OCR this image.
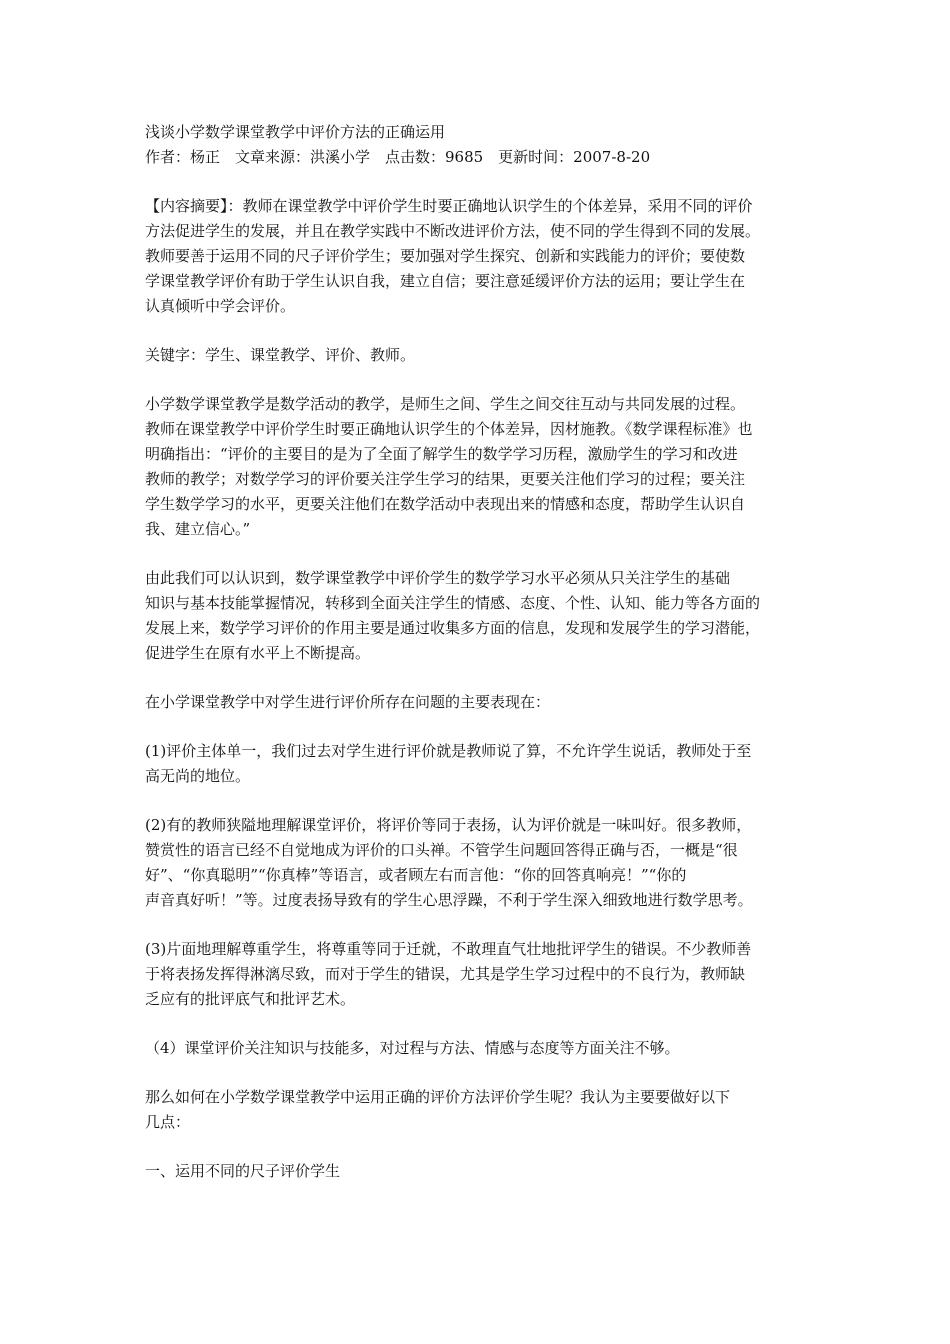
浅谈小学数学课堂教学中评价方法的正确运用

作者：杨正　文章来源：洪溪小学　点击数：9685　更新时间：2007-8-20

【内容摘要】：教师在课堂教学中评价学生时要正确地认识学生的个体差异，采用不同的评价

方法促进学生的发展，并且在教学实践中不断改进评价方法，使不同的学生得到不同的发展。

教师要善于运用不同的尺子评价学生；要加强对学生探究、创新和实践能力的评价；要使数

学课堂教学评价有助于学生认识自我，建立自信；要注意延缓评价方法的运用；要让学生在

认真倾听中学会评价。

关键字：学生、课堂教学、评价、教师。

小学数学课堂教学是数学活动的教学，是师生之间、学生之间交往互动与共同发展的过程。

教师在课堂教学中评价学生时要正确地认识学生的个体差异，因材施教。《数学课程标准》也

明确指出：“评价的主要目的是为了全面了解学生的数学学习历程，激励学生的学习和改进

教师的教学；对数学学习的评价要关注学生学习的结果，更要关注他们学习的过程；要关注

学生数学学习的水平，更要关注他们在数学活动中表现出来的情感和态度，帮助学生认识自

我、建立信心。”

由此我们可以认识到，数学课堂教学中评价学生的数学学习水平必须从只关注学生的基础

知识与基本技能掌握情况，转移到全面关注学生的情感、态度、个性、认知、能力等各方面的

发展上来，数学学习评价的作用主要是通过收集多方面的信息，发现和发展学生的学习潜能，

促进学生在原有水平上不断提高。

在小学课堂教学中对学生进行评价所存在问题的主要表现在：

(1)评价主体单一，我们过去对学生进行评价就是教师说了算，不允许学生说话，教师处于至

高无尚的地位。

(2)有的教师狭隘地理解课堂评价，将评价等同于表扬，认为评价就是一味叫好。很多教师，

赞赏性的语言已经不自觉地成为评价的口头禅。不管学生问题回答得正确与否，一概是“很

好”、“你真聪明”“你真棒”等语言，或者顾左右而言他：“你的回答真响亮！”“你的

声音真好听！”等。过度表扬导致有的学生心思浮躁，不利于学生深入细致地进行数学思考。

(3)片面地理解尊重学生，将尊重等同于迁就，不敢理直气壮地批评学生的错误。不少教师善

于将表扬发挥得淋漓尽致，而对于学生的错误，尤其是学生学习过程中的不良行为，教师缺

乏应有的批评底气和批评艺术。

（4）课堂评价关注知识与技能多，对过程与方法、情感与态度等方面关注不够。

那么如何在小学数学课堂教学中运用正确的评价方法评价学生呢？我认为主要要做好以下

几点：

一、运用不同的尺子评价学生
